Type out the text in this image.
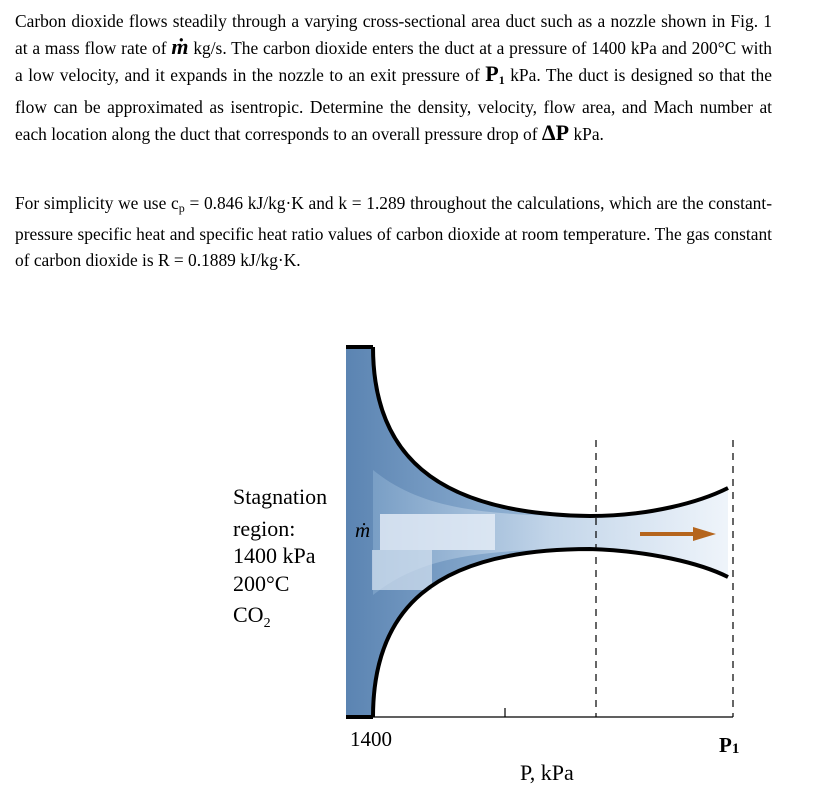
Carbon dioxide flows steadily through a varying cross-sectional area duct such as a nozzle shown in Fig. 1 at a mass flow rate of ṁ kg/s. The carbon dioxide enters the duct at a pressure of 1400 kPa and 200°C with a low velocity, and it expands in the nozzle to an exit pressure of $P_1$ kPa. The duct is designed so that the flow can be approximated as isentropic. Determine the density, velocity, flow area, and Mach number at each location along the duct that corresponds to an overall pressure drop of ΔP kPa.

For simplicity we use $c_p = 0.846$ kJ/kg·K and k = 1.289 throughout the calculations, which are the constant-pressure specific heat and specific heat ratio values of carbon dioxide at room temperature. The gas constant of carbon dioxide is R = 0.1889 kJ/kg·K.

Stagnation
region:
1400 kPa
200°C
$CO_2$
ṁ
1400	P1
P, kPa
